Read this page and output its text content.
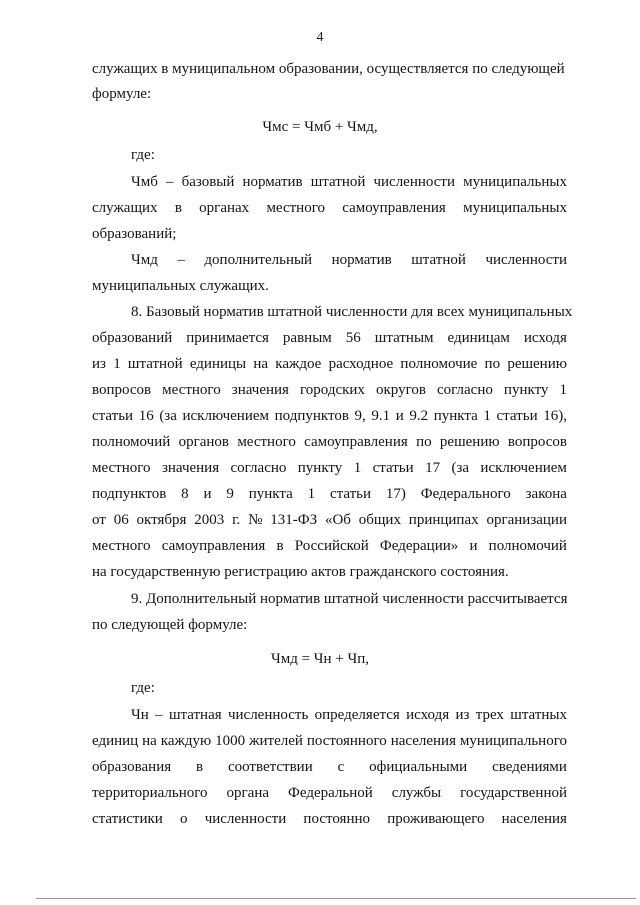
4
служащих в муниципальном образовании, осуществляется по следующей
формуле:
Чмс = Чмб + Чмд,
где:
Чмб – базовый норматив штатной численности муниципальных
служащих в органах местного самоуправления муниципальных
образований;
Чмд – дополнительный норматив штатной численности
муниципальных служащих.
8. Базовый норматив штатной численности для всех муниципальных
образований принимается равным 56 штатным единицам исходя
из 1 штатной единицы на каждое расходное полномочие по решению
вопросов местного значения городских округов согласно пункту 1
статьи 16 (за исключением подпунктов 9, 9.1 и 9.2 пункта 1 статьи 16),
полномочий органов местного самоуправления по решению вопросов
местного значения согласно пункту 1 статьи 17 (за исключением
подпунктов 8 и 9 пункта 1 статьи 17) Федерального закона
от 06 октября 2003 г. № 131-ФЗ «Об общих принципах организации
местного самоуправления в Российской Федерации» и полномочий
на государственную регистрацию актов гражданского состояния.
9. Дополнительный норматив штатной численности рассчитывается
по следующей формуле:
Чмд = Чн + Чп,
где:
Чн – штатная численность определяется исходя из трех штатных
единиц на каждую 1000 жителей постоянного населения муниципального
образования в соответствии с официальными сведениями
территориального органа Федеральной службы государственной
статистики о численности постоянно проживающего населения
